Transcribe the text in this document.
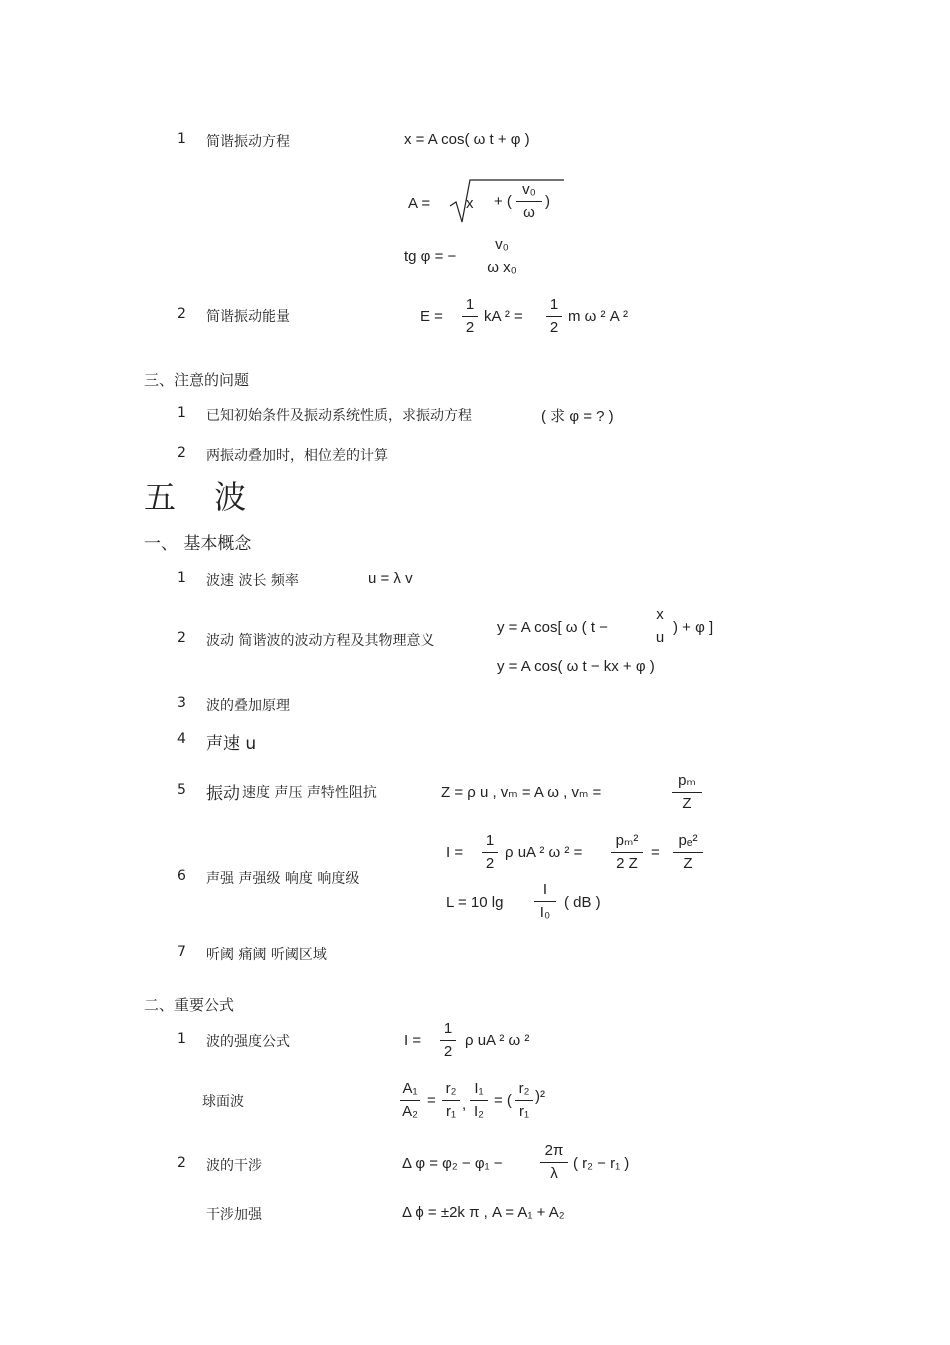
1 简谐振动方程	x = A cos( ω t + φ )
A = x + (
v₀
ω
)
tg φ = −
v₀
ω x₀
2 简谐振动能量	E =
1
2
kA ² =
1
2
m ω ² A ²
三、注意的问题
1 已知初始条件及振动系统性质，求振动方程	( 求 φ = ? )
2 两振动叠加时，相位差的计算
五 波
一、 基本概念
1 波速 波长 频率	u = λ v
2 波动 简谐波的波动方程及其物理意义
y = A cos[ ω ( t −
x
u
) + φ ]
y = A cos( ω t − kx + φ )
3 波的叠加原理
4 声速 u
5 振动 速度 声压 声特性阻抗	Z = ρ u , vₘ = A ω , vₘ =
pₘ
Z
6 声强 声强级 响度 响度级
I =
1
2
ρ uA ² ω ² =
pₘ²
2 Z
=
pₑ²
Z
L = 10 lg
I
I₀
( dB )
7 听阈 痛阈 听阈区域
二、重要公式
1 波的强度公式	I =
1
2
ρ uA ² ω ²
球面波
A₁
A₂
=
r₂
r₁ ,
I₁
I₂
= (
r₂
r₁
)²
2 波的干涉	Δ φ = φ₂ − φ₁ −
2π
λ
( r₂ − r₁ )
干涉加强	Δ ϕ = ±2k π , A = A₁ + A₂
